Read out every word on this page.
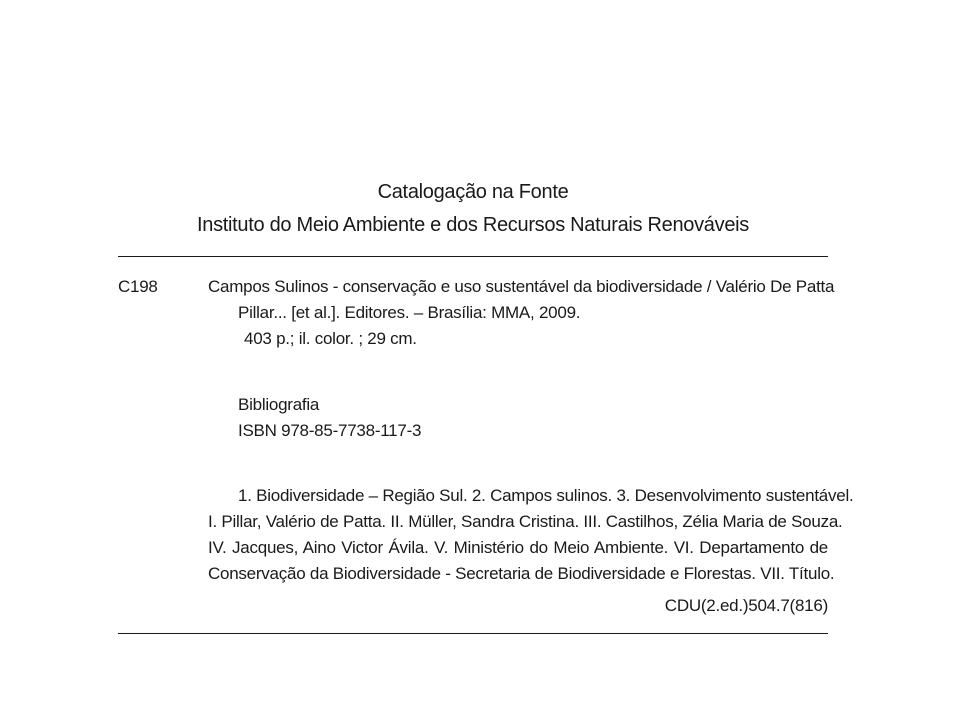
Catalogação na Fonte
Instituto do Meio Ambiente e dos Recursos Naturais Renováveis
C198	Campos Sulinos - conservação e uso sustentável da biodiversidade / Valério De Patta
Pillar... [et al.]. Editores. – Brasília: MMA, 2009.
403 p.; il. color. ; 29 cm.
Bibliografia
ISBN 978-85-7738-117-3
1. Biodiversidade – Região Sul. 2. Campos sulinos. 3. Desenvolvimento sustentável.
I. Pillar, Valério de Patta. II. Müller, Sandra Cristina. III. Castilhos, Zélia Maria de Souza.
IV. Jacques, Aino Victor Ávila. V. Ministério do Meio Ambiente. VI. Departamento de
Conservação da Biodiversidade - Secretaria de Biodiversidade e Florestas. VII. Título.
CDU(2.ed.)504.7(816)
